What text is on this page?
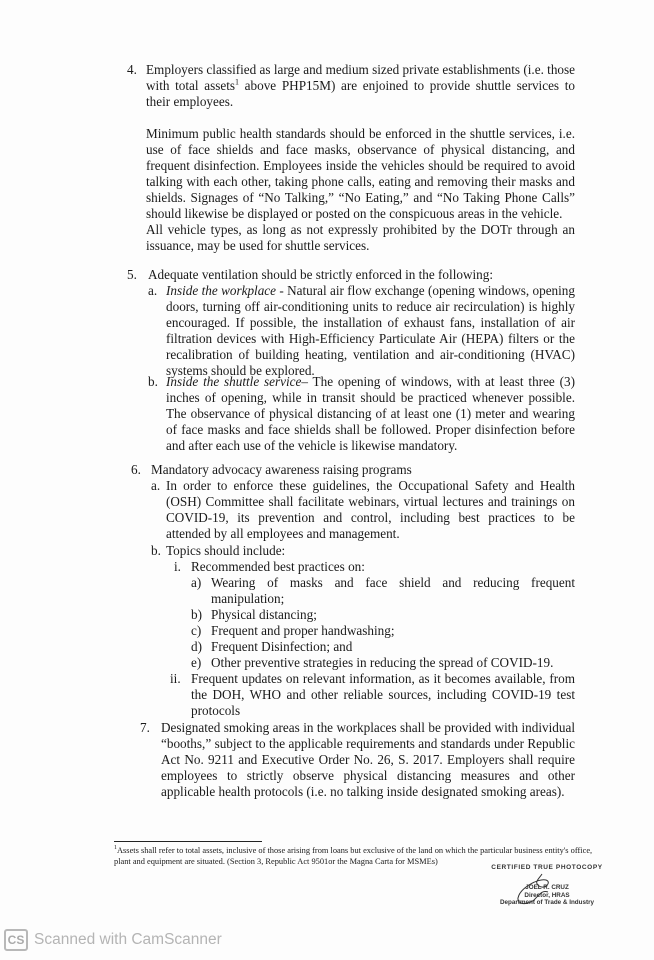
4. Employers classified as large and medium sized private establishments (i.e. those with total assets$^1$ above PHP15M) are enjoined to provide shuttle services to their employees.
Minimum public health standards should be enforced in the shuttle services, i.e. use of face shields and face masks, observance of physical distancing, and frequent disinfection. Employees inside the vehicles should be required to avoid talking with each other, taking phone calls, eating and removing their masks and shields. Signages of “No Talking,” “No Eating,” and “No Taking Phone Calls” should likewise be displayed or posted on the conspicuous areas in the vehicle.
All vehicle types, as long as not expressly prohibited by the DOTr through an issuance, may be used for shuttle services.
5. Adequate ventilation should be strictly enforced in the following:
a. Inside the workplace - Natural air flow exchange (opening windows, opening doors, turning off air-conditioning units to reduce air recirculation) is highly encouraged. If possible, the installation of exhaust fans, installation of air filtration devices with High-Efficiency Particulate Air (HEPA) filters or the recalibration of building heating, ventilation and air-conditioning (HVAC) systems should be explored.
b. Inside the shuttle service– The opening of windows, with at least three (3) inches of opening, while in transit should be practiced whenever possible. The observance of physical distancing of at least one (1) meter and wearing of face masks and face shields shall be followed. Proper disinfection before and after each use of the vehicle is likewise mandatory.
6. Mandatory advocacy awareness raising programs
a. In order to enforce these guidelines, the Occupational Safety and Health (OSH) Committee shall facilitate webinars, virtual lectures and trainings on COVID-19, its prevention and control, including best practices to be attended by all employees and management.
b. Topics should include:
i. Recommended best practices on:
a) Wearing of masks and face shield and reducing frequent manipulation;
b) Physical distancing;
c) Frequent and proper handwashing;
d) Frequent Disinfection; and
e) Other preventive strategies in reducing the spread of COVID-19.
ii. Frequent updates on relevant information, as it becomes available, from the DOH, WHO and other reliable sources, including COVID-19 test protocols
7. Designated smoking areas in the workplaces shall be provided with individual “booths,” subject to the applicable requirements and standards under Republic Act No. 9211 and Executive Order No. 26, S. 2017. Employers shall require employees to strictly observe physical distancing measures and other applicable health protocols (i.e. no talking inside designated smoking areas).
$^1$Assets shall refer to total assets, inclusive of those arising from loans but exclusive of the land on which the particular business entity's office, plant and equipment are situated. (Section 3, Republic Act 9501or the Magna Carta for MSMEs)
CERTIFIED TRUE PHOTOCOPY
JOEL R. CRUZ
Director, HRAS
Department of Trade & Industry
CS Scanned with CamScanner
